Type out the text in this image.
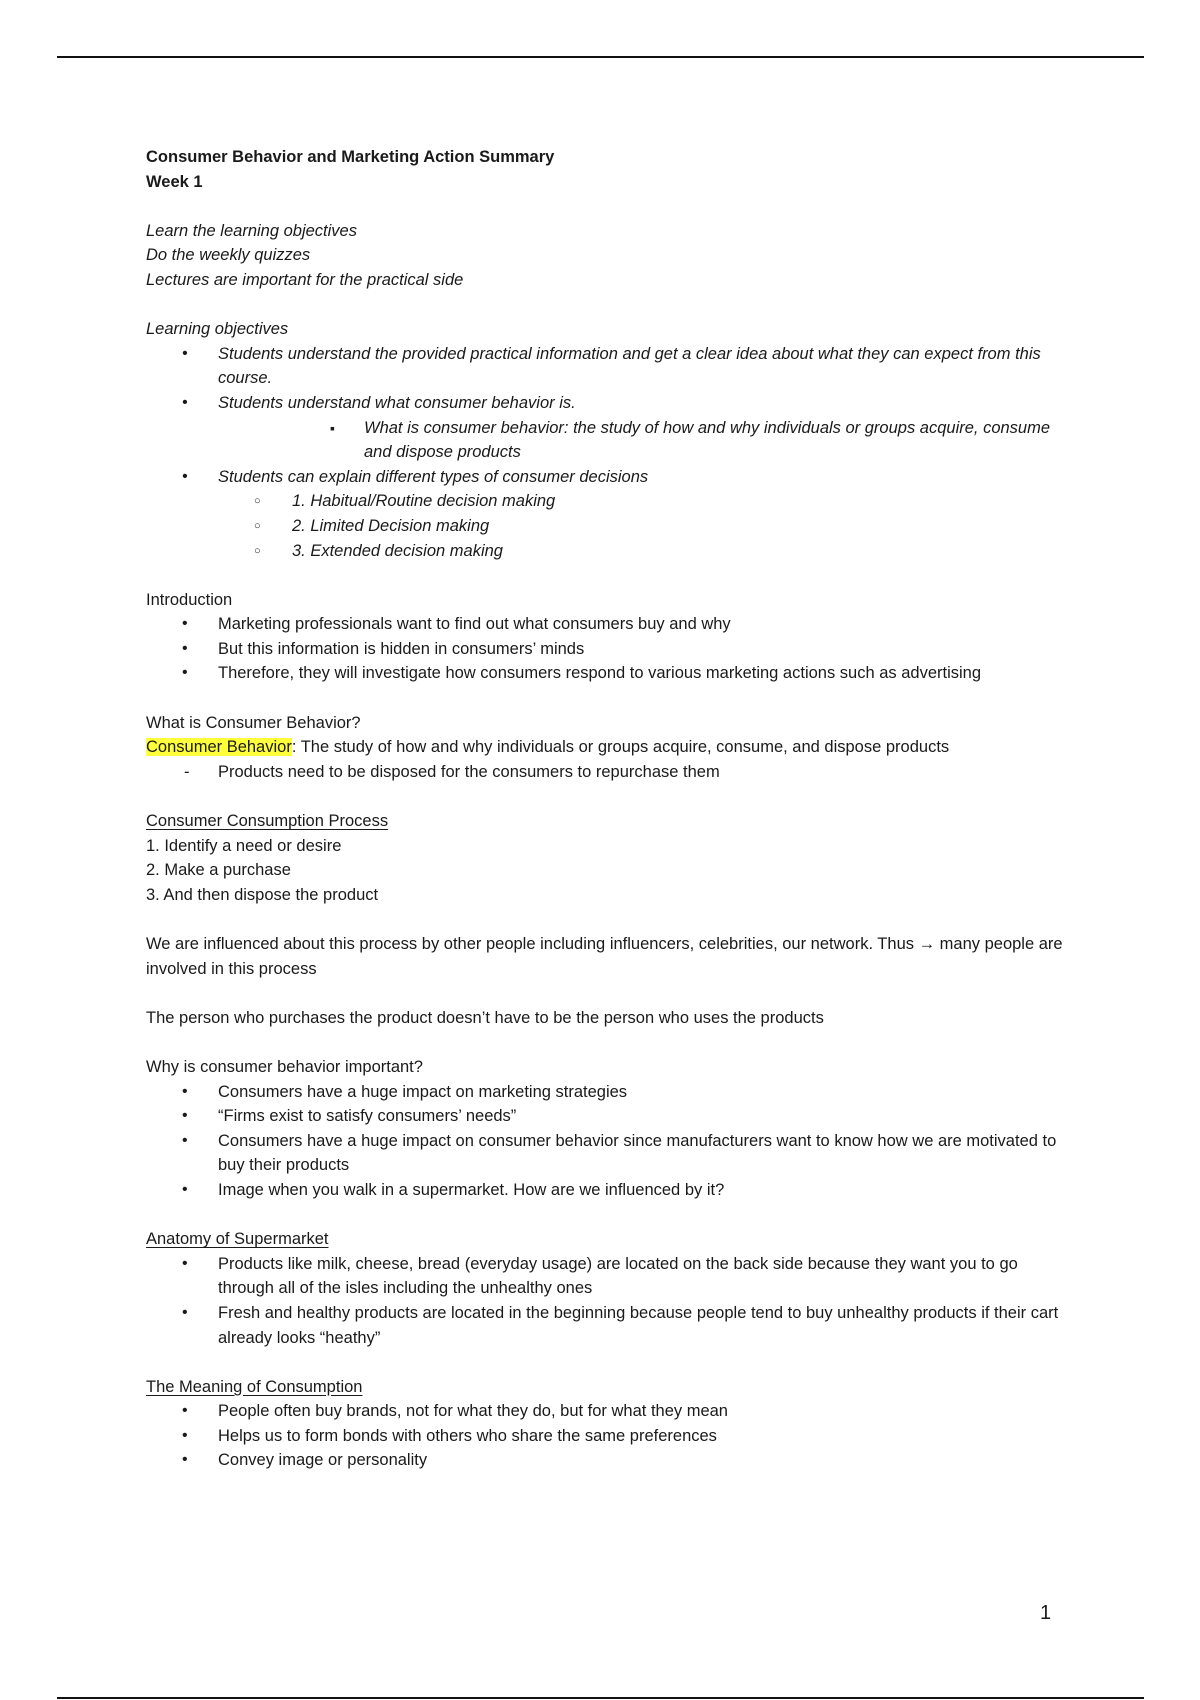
Consumer Behavior and Marketing Action Summary
Week 1
Learn the learning objectives
Do the weekly quizzes
Lectures are important for the practical side
Learning objectives
• Students understand the provided practical information and get a clear idea about what they can expect from this course.
• Students understand what consumer behavior is.
▪ What is consumer behavior: the study of how and why individuals or groups acquire, consume and dispose products
• Students can explain different types of consumer decisions
○ 1. Habitual/Routine decision making
○ 2. Limited Decision making
○ 3. Extended decision making
Introduction
• Marketing professionals want to find out what consumers buy and why
• But this information is hidden in consumers’ minds
• Therefore, they will investigate how consumers respond to various marketing actions such as advertising
What is Consumer Behavior?
Consumer Behavior: The study of how and why individuals or groups acquire, consume, and dispose products
- Products need to be disposed for the consumers to repurchase them
Consumer Consumption Process
1. Identify a need or desire
2. Make a purchase
3. And then dispose the product
We are influenced about this process by other people including influencers, celebrities, our network. Thus → many people are involved in this process
The person who purchases the product doesn’t have to be the person who uses the products
Why is consumer behavior important?
• Consumers have a huge impact on marketing strategies
• “Firms exist to satisfy consumers’ needs”
• Consumers have a huge impact on consumer behavior since manufacturers want to know how we are motivated to buy their products
• Image when you walk in a supermarket. How are we influenced by it?
Anatomy of Supermarket
• Products like milk, cheese, bread (everyday usage) are located on the back side because they want you to go through all of the isles including the unhealthy ones
• Fresh and healthy products are located in the beginning because people tend to buy unhealthy products if their cart already looks “heathy”
The Meaning of Consumption
• People often buy brands, not for what they do, but for what they mean
• Helps us to form bonds with others who share the same preferences
• Convey image or personality
1
